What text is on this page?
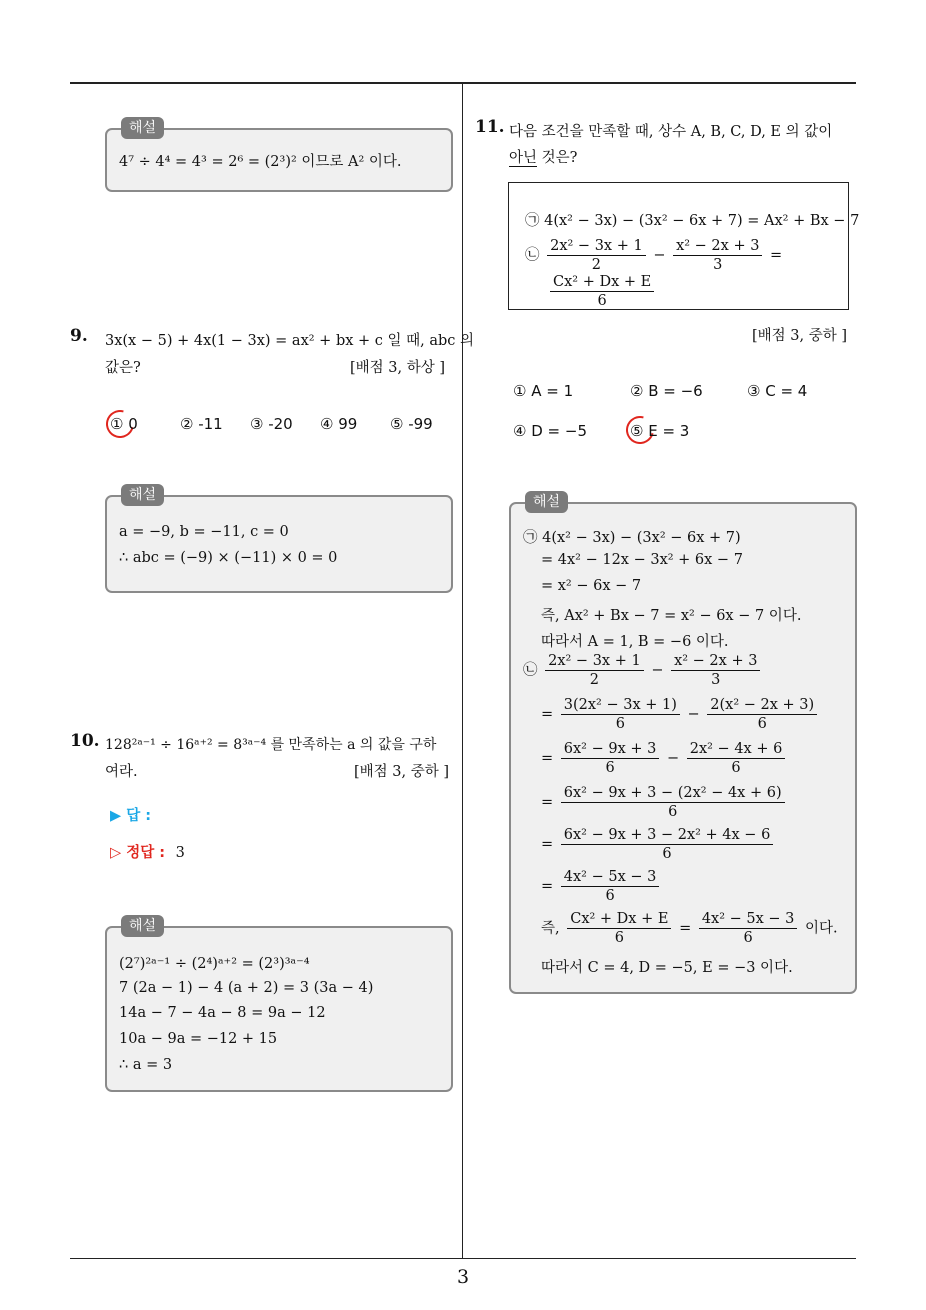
3
해설
4⁷ ÷ 4⁴ = 4³ = 2⁶ = (2³)² 이므로 A² 이다.
9. 3x(x − 5) + 4x(1 − 3x) = ax² + bx + c 일 때, abc 의
값은?	[배점 3, 하상 ]
① 0	② -11 ③ -20 ④ 99 ⑤ -99
해설
a = −9, b = −11, c = 0
∴ abc = (−9) × (−11) × 0 = 0
10. 128²ᵃ⁻¹ ÷ 16ᵃ⁺² = 8³ᵃ⁻⁴ 를 만족하는 a 의 값을 구하
여라.	[배점 3, 중하 ]
▶ 답 :
▷ 정답 : 3
해설
(2⁷)²ᵃ⁻¹ ÷ (2⁴)ᵃ⁺² = (2³)³ᵃ⁻⁴
7 (2a − 1) − 4 (a + 2) = 3 (3a − 4)
14a − 7 − 4a − 8 = 9a − 12
10a − 9a = −12 + 15
∴ a = 3
11. 다음 조건을 만족할 때, 상수 A, B, C, D, E 의 값이
아닌 것은?
㉠ 4(x² − 3x) − (3x² − 6x + 7) = Ax² + Bx − 7
㉡ $\frac{\text{2x² − 3x + 1}}{2} - \frac{\text{x² − 2x + 3}}{3}$ =
$\frac{\text{Cx² + Dx + E}}{6}$
[배점 3, 중하 ]
① A = 1	② B = −6	③ C = 4
④ D = −5	⑤ E = 3
해설
㉠ 4(x² − 3x) − (3x² − 6x + 7)
= 4x² − 12x − 3x² + 6x − 7
= x² − 6x − 7
즉, Ax² + Bx − 7 = x² − 6x − 7 이다.
따라서 A = 1, B = −6 이다.
㉡ $\frac{\text{2x² − 3x + 1}}{2} - \frac{\text{x² − 2x + 3}}{3}$
= $\frac{\text{3(2x² − 3x + 1)}}{6} - \frac{\text{2(x² − 2x + 3)}}{6}$
= $\frac{\text{6x² − 9x + 3}}{6} - \frac{\text{2x² − 4x + 6}}{6}$
= $\frac{\text{6x² − 9x + 3 − (2x² − 4x + 6)}}{6}$
= $\frac{\text{6x² − 9x + 3 − 2x² + 4x − 6}}{6}$
= $\frac{\text{4x² − 5x − 3}}{6}$
즉, $\frac{\text{Cx² + Dx + E}}{6} = \frac{\text{4x² − 5x − 3}}{6}$ 이다.
따라서 C = 4, D = −5, E = −3 이다.
